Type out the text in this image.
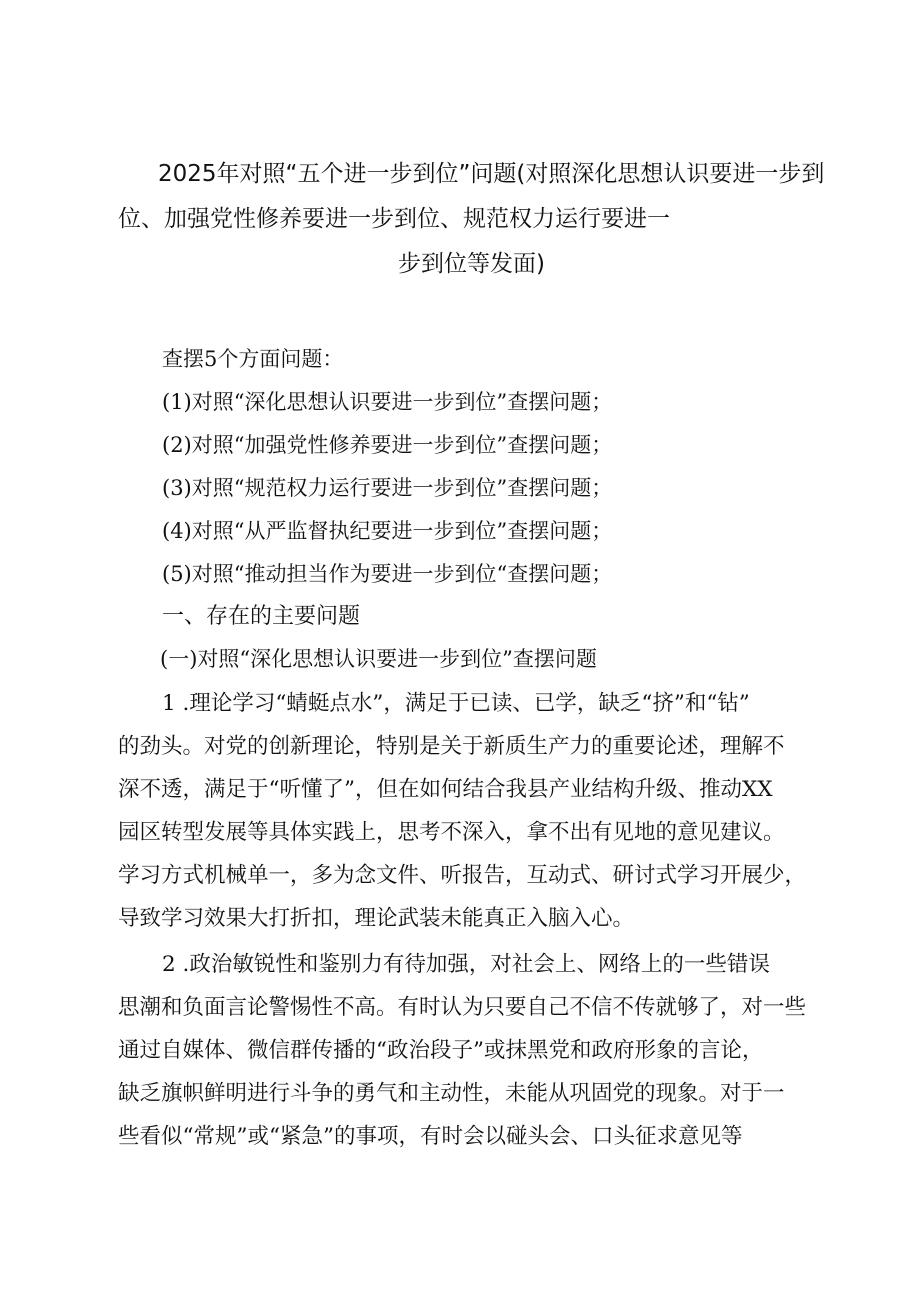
2025年对照“五个进一步到位”问题(对照深化思想认识要进一步到
位、加强党性修养要进一步到位、规范权力运行要进一
步到位等发面)
查摆5个方面问题：
(1)对照“深化思想认识要进一步到位”查摆问题；
(2)对照“加强党性修养要进一步到位”查摆问题；
(3)对照“规范权力运行要进一步到位”查摆问题；
(4)对照“从严监督执纪要进一步到位”查摆问题；
(5)对照“推动担当作为要进一步到位“查摆问题；
一、存在的主要问题
(一)对照“深化思想认识要进一步到位”查摆问题
1 .理论学习“蜻蜓点水”，满足于已读、已学，缺乏“挤”和“钻”
的劲头。对党的创新理论，特别是关于新质生产力的重要论述，理解不
深不透，满足于“听懂了”，但在如何结合我县产业结构升级、推动XX
园区转型发展等具体实践上，思考不深入，拿不出有见地的意见建议。
学习方式机械单一，多为念文件、听报告，互动式、研讨式学习开展少，
导致学习效果大打折扣，理论武装未能真正入脑入心。
2 .政治敏锐性和鉴别力有待加强，对社会上、网络上的一些错误
思潮和负面言论警惕性不高。有时认为只要自己不信不传就够了，对一些
通过自媒体、微信群传播的“政治段子”或抹黑党和政府形象的言论，
缺乏旗帜鲜明进行斗争的勇气和主动性，未能从巩固党的现象。对于一
些看似“常规”或“紧急”的事项，有时会以碰头会、口头征求意见等
